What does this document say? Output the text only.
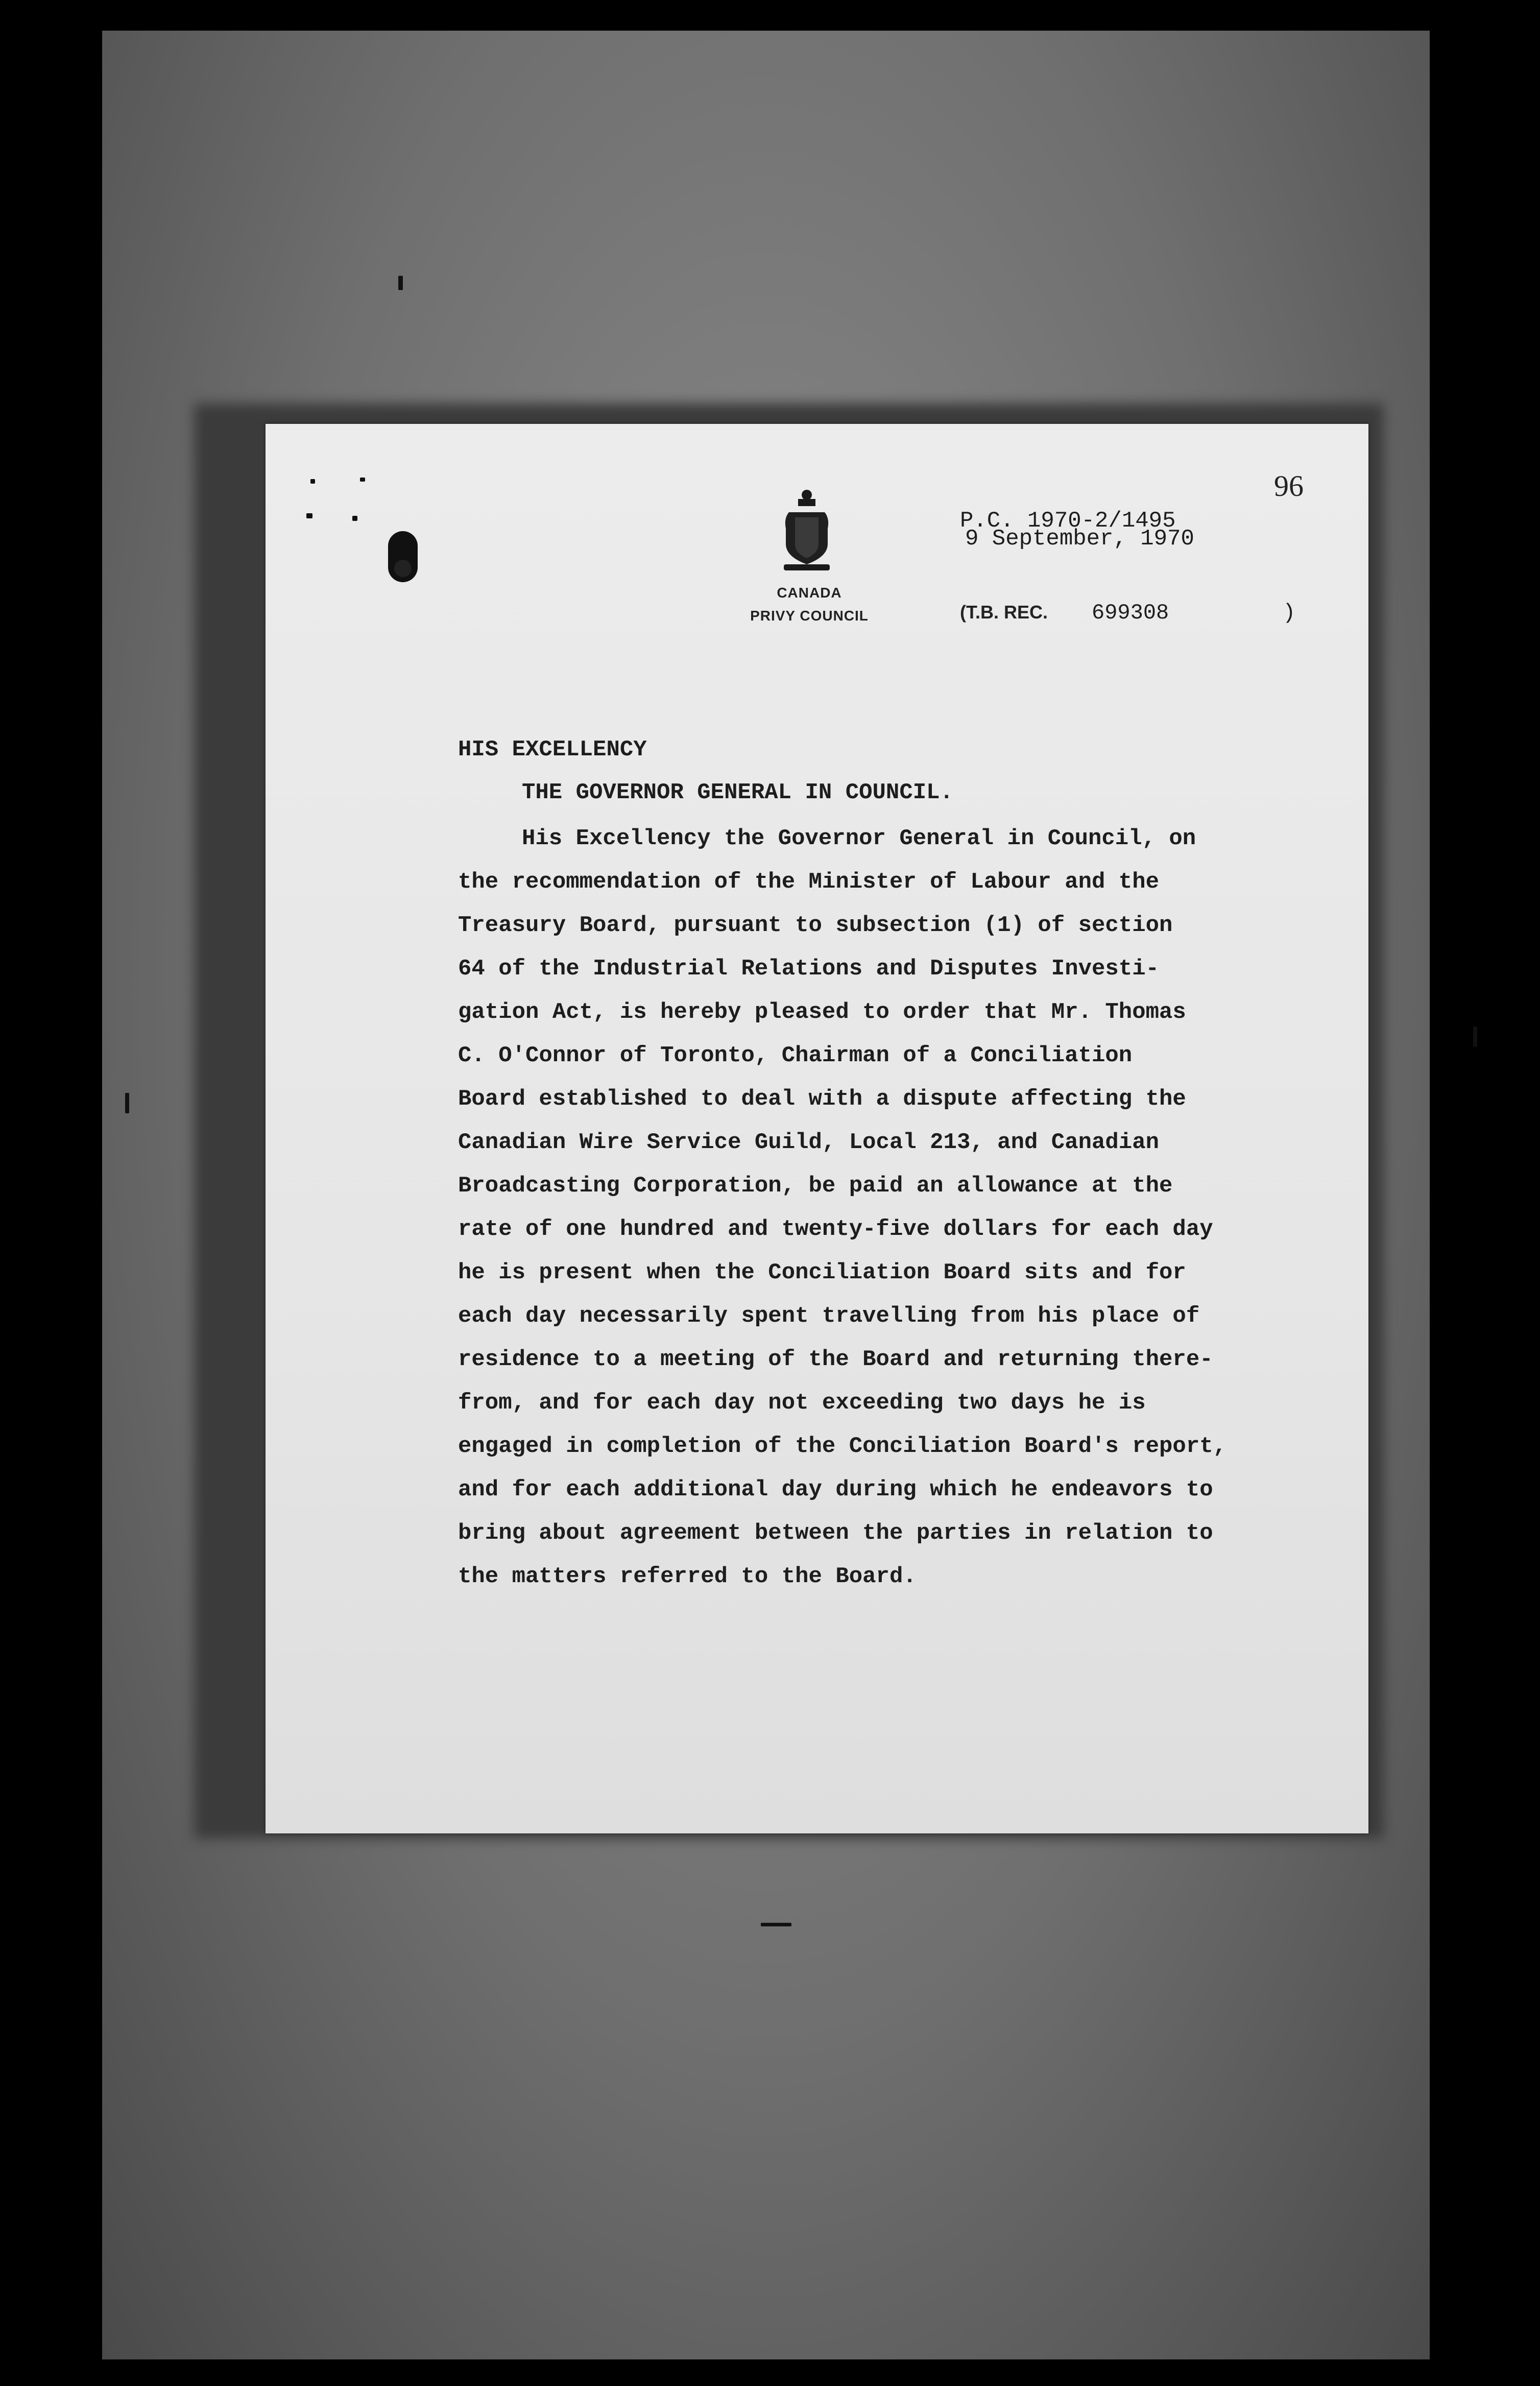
CANADA
PRIVY COUNCIL
96
P.C. 1970-2/1495
9 September, 1970
(T.B. REC. 699308	)
HIS EXCELLENCY
THE GOVERNOR GENERAL IN COUNCIL.
His Excellency the Governor General in Council, on
the recommendation of the Minister of Labour and the
Treasury Board, pursuant to subsection (1) of section
64 of the Industrial Relations and Disputes Investi-
gation Act, is hereby pleased to order that Mr. Thomas
C. O'Connor of Toronto, Chairman of a Conciliation
Board established to deal with a dispute affecting the
Canadian Wire Service Guild, Local 213, and Canadian
Broadcasting Corporation, be paid an allowance at the
rate of one hundred and twenty-five dollars for each day
he is present when the Conciliation Board sits and for
each day necessarily spent travelling from his place of
residence to a meeting of the Board and returning there-
from, and for each day not exceeding two days he is
engaged in completion of the Conciliation Board's report,
and for each additional day during which he endeavors to
bring about agreement between the parties in relation to
the matters referred to the Board.
